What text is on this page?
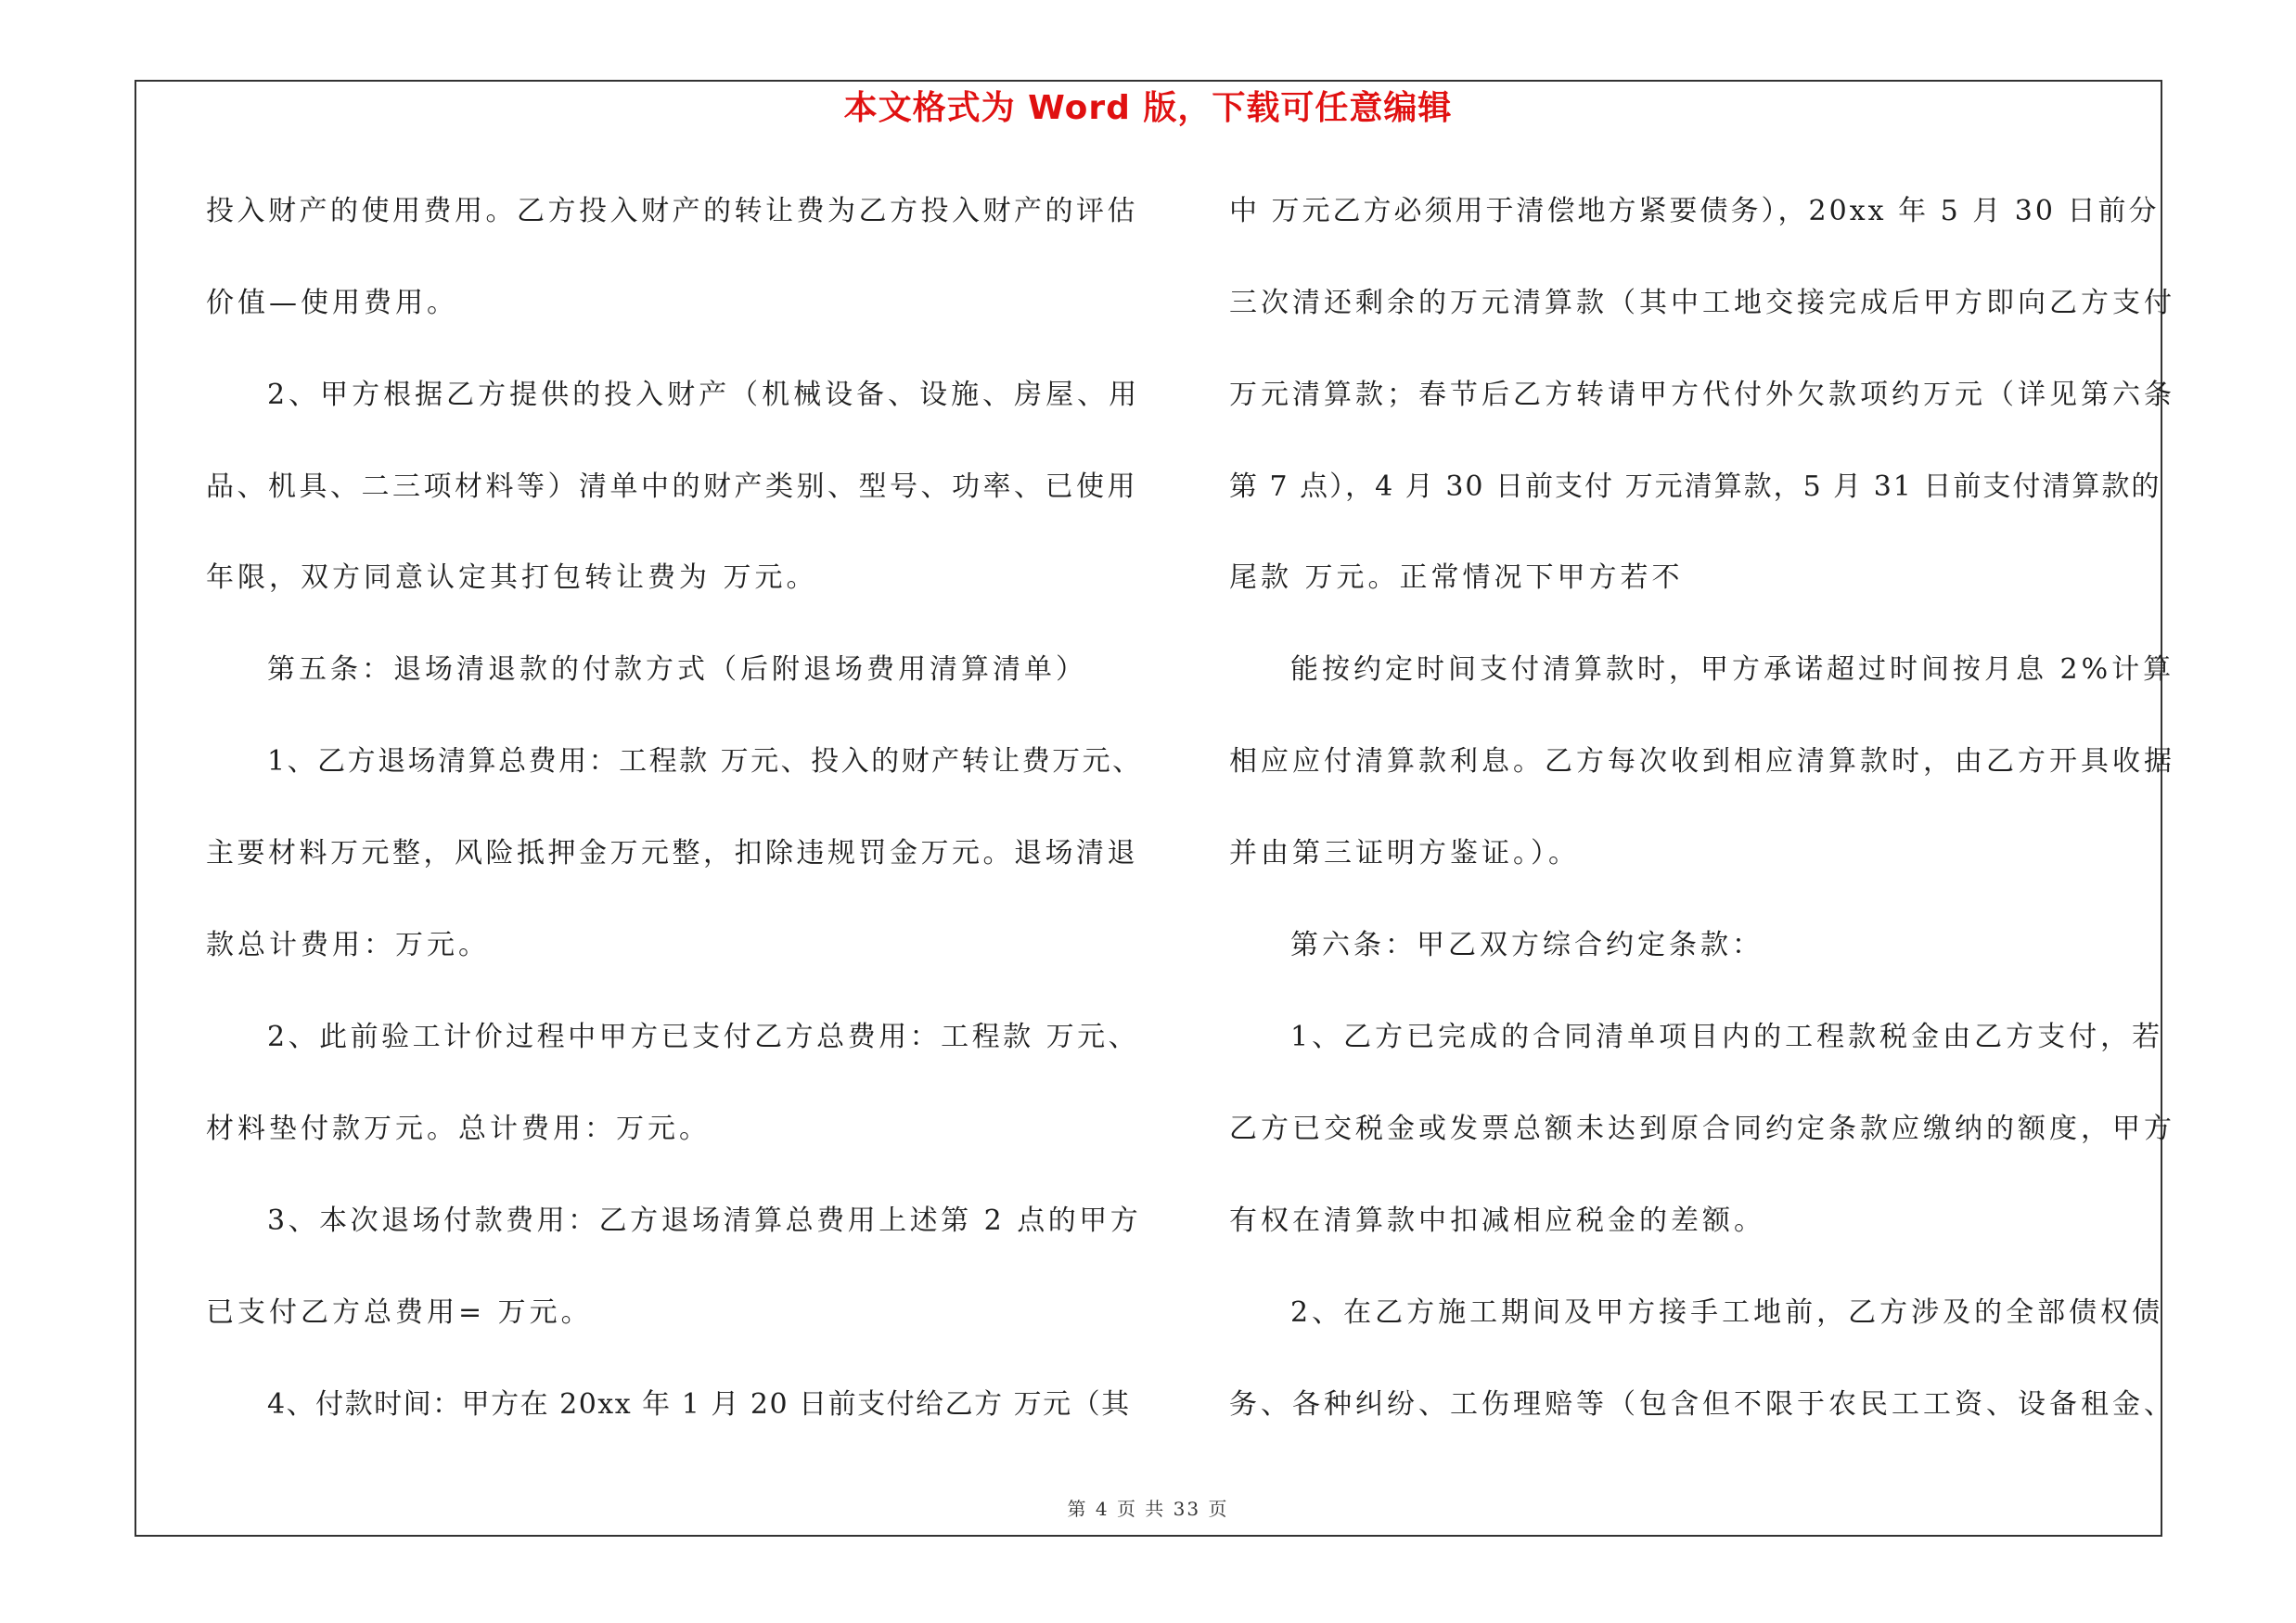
本文格式为 Word 版，下载可任意编辑
投入财产的使用费用。乙方投入财产的转让费为乙方投入财产的评估
价值—使用费用。
2、甲方根据乙方提供的投入财产（机械设备、设施、房屋、用
品、机具、二三项材料等）清单中的财产类别、型号、功率、已使用
年限，双方同意认定其打包转让费为 万元。
第五条：退场清退款的付款方式（后附退场费用清算清单）
1、乙方退场清算总费用：工程款 万元、投入的财产转让费万元、
主要材料万元整，风险抵押金万元整，扣除违规罚金万元。退场清退
款总计费用：万元。
2、此前验工计价过程中甲方已支付乙方总费用：工程款 万元、
材料垫付款万元。总计费用：万元。
3、本次退场付款费用：乙方退场清算总费用上述第 2 点的甲方
已支付乙方总费用= 万元。
4、付款时间：甲方在 20xx 年 1 月 20 日前支付给乙方 万元（其
中 万元乙方必须用于清偿地方紧要债务），20xx 年 5 月 30 日前分
三次清还剩余的万元清算款（其中工地交接完成后甲方即向乙方支付
万元清算款；春节后乙方转请甲方代付外欠款项约万元（详见第六条
第 7 点），4 月 30 日前支付 万元清算款，5 月 31 日前支付清算款的
尾款 万元。正常情况下甲方若不
能按约定时间支付清算款时，甲方承诺超过时间按月息 2%计算
相应应付清算款利息。乙方每次收到相应清算款时，由乙方开具收据
并由第三证明方鉴证。）。
第六条：甲乙双方综合约定条款：
1、乙方已完成的合同清单项目内的工程款税金由乙方支付，若
乙方已交税金或发票总额未达到原合同约定条款应缴纳的额度，甲方
有权在清算款中扣减相应税金的差额。
2、在乙方施工期间及甲方接手工地前，乙方涉及的全部债权债
务、各种纠纷、工伤理赔等（包含但不限于农民工工资、设备租金、
第 4 页 共 33 页
